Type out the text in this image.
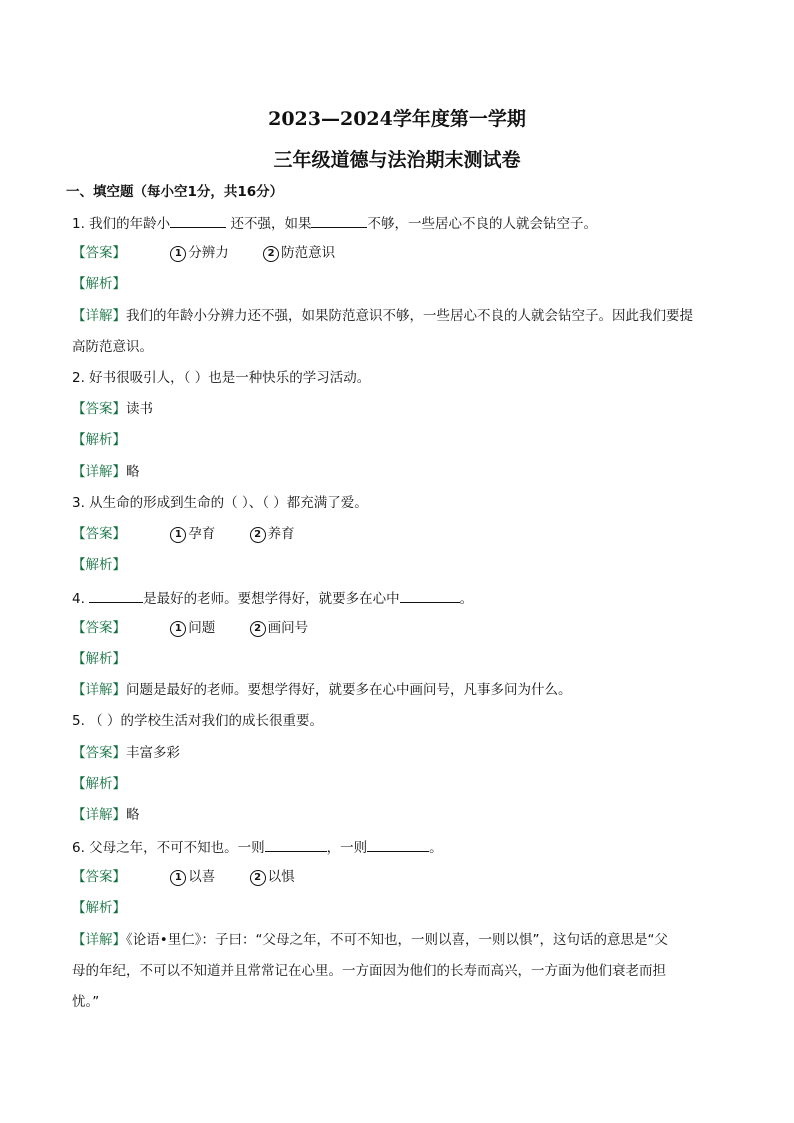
2023—2024学年度第一学期
三年级道德与法治期末测试卷
一、填空题（每小空1分，共16分）
1. 我们的年龄小	还不强，如果	不够，一些居心不良的人就会钻空子。
【答案】	1 分辨力	2 防范意识
【解析】
【详解】我们的年龄小分辨力还不强，如果防范意识不够，一些居心不良的人就会钻空子。因此我们要提
高防范意识。
2. 好书很吸引人，（ ）也是一种快乐的学习活动。
【答案】读书
【解析】
【详解】略
3. 从生命的形成到生命的（ ）、（ ）都充满了爱。
【答案】	1 孕育	2 养育
【解析】
4.	是最好的老师。要想学得好，就要多在心中	。
【答案】	1 问题	2 画问号
【解析】
【详解】问题是最好的老师。要想学得好，就要多在心中画问号，凡事多问为什么。
5. （ ）的学校生活对我们的成长很重要。
【答案】丰富多彩
【解析】
【详解】略
6. 父母之年，不可不知也。一则	，一则	。
【答案】	1 以喜	2 以惧
【解析】
【详解】《论语•里仁》：子曰：“父母之年，不可不知也，一则以喜，一则以惧”，这句话的意思是“父
母的年纪，不可以不知道并且常常记在心里。一方面因为他们的长寿而高兴，一方面为他们衰老而担
忧。”
